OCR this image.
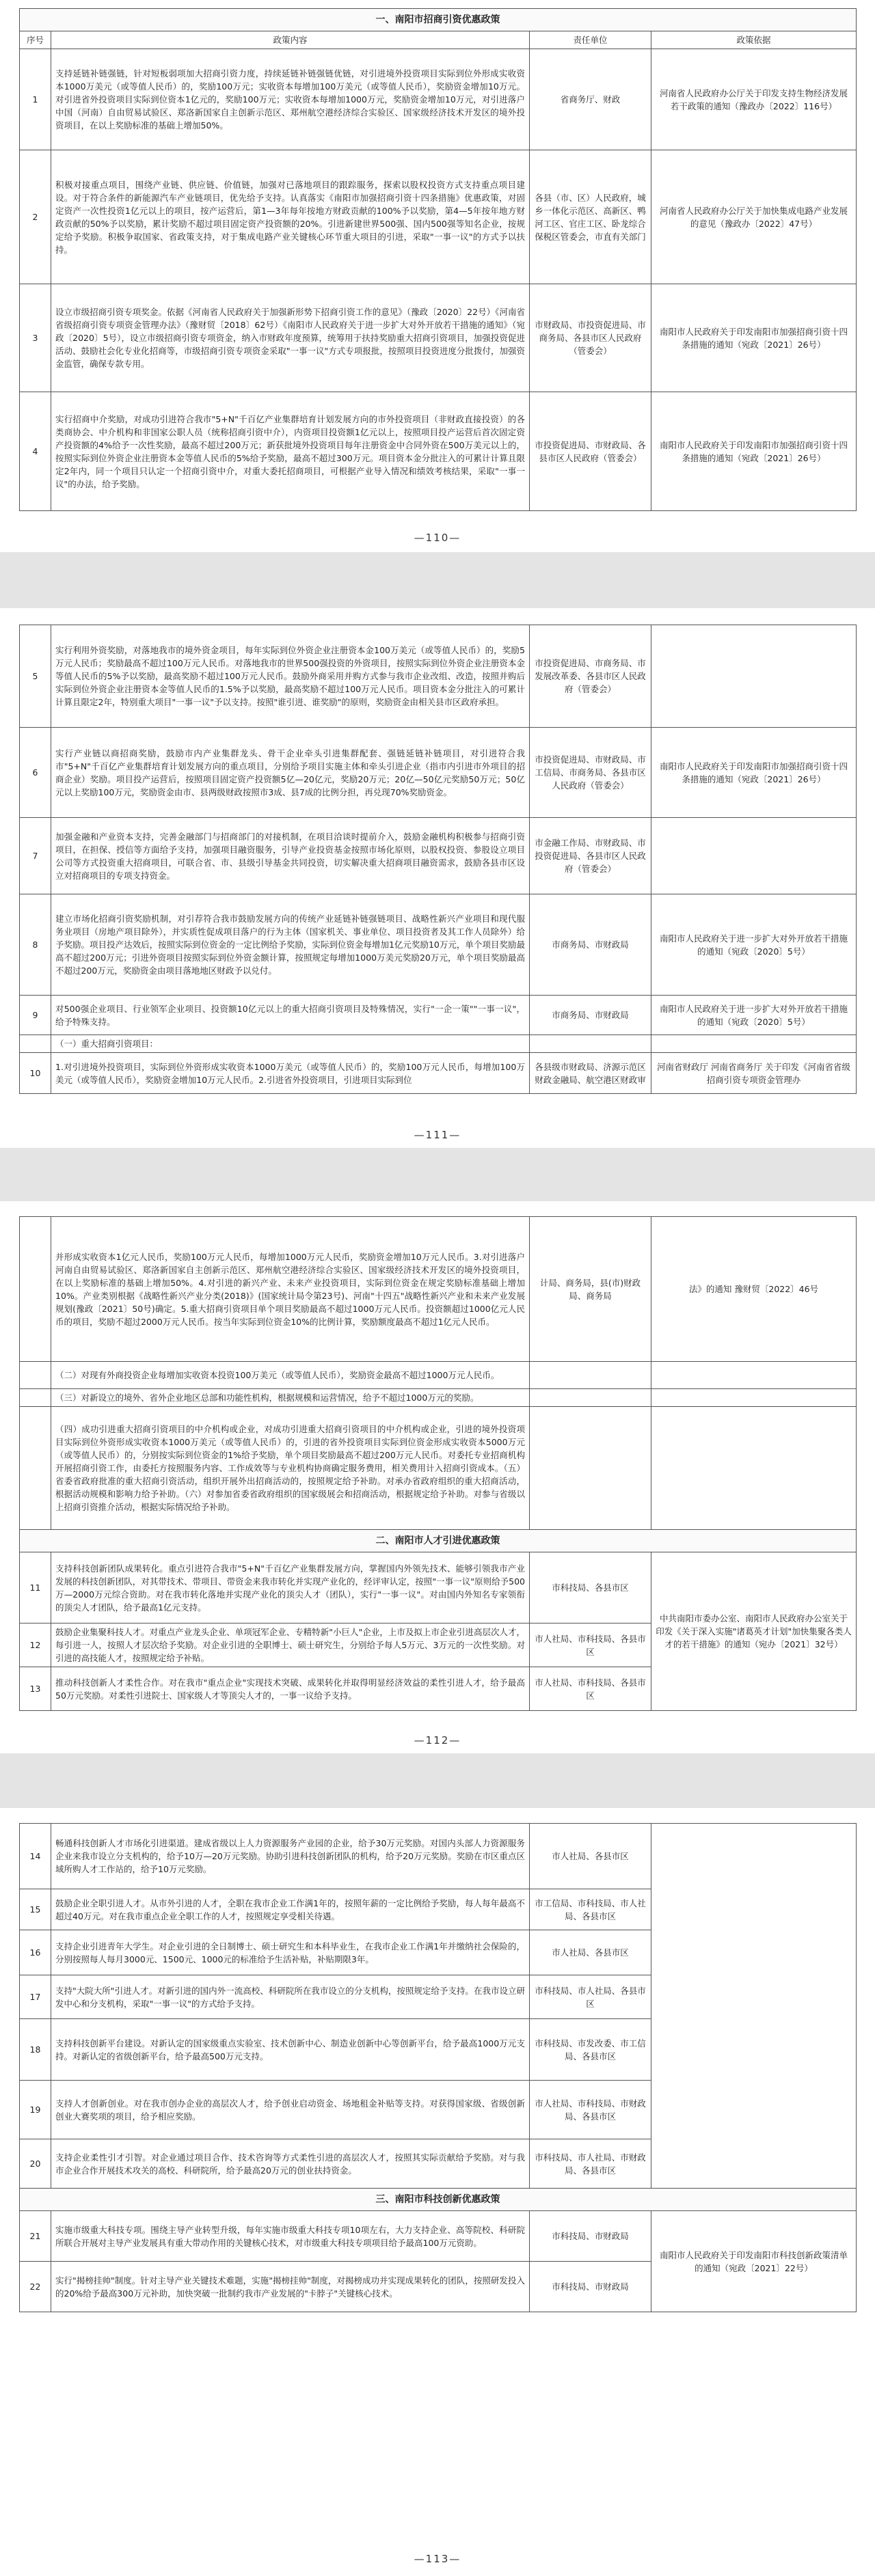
一、南阳市招商引资优惠政策			
序号	政策内容	责任单位	政策依据
1	支持延链补链强链，针对短板弱项加大招商引资力度，持续延链补链强链优链，对引进境外投资项目实际到位外形成实收资本1000万美元（或等值人民币）的，奖励100万元；实收资本每增加100万美元（或等值人民币），奖励资金增加10万元。对引进省外投资项目实际到位资本1亿元的，奖励100万元；实收资本每增加1000万元，奖励资金增加10万元，对引进落户中国（河南）自由贸易试验区、郑洛新国家自主创新示范区、郑州航空港经济综合实验区、国家级经济技术开发区的境外投资项目，在以上奖励标准的基础上增加50%。	省商务厅、财政	河南省人民政府办公厅关于印发支持生物经济发展若干政策的通知（豫政办〔2022〕116号）
2	积极对接重点项目，围绕产业链、供应链、价值链，加强对已落地项目的跟踪服务，探索以股权投资方式支持重点项目建设。对于符合条件的新能源汽车产业链项目，优先给予支持。认真落实《南阳市加强招商引资十四条措施》优惠政策，对固定资产一次性投资1亿元以上的项目，按产运营后，第1—3年每年按地方财政贡献的100%予以奖励，第4—5年按年地方财政贡献的50%予以奖励，累计奖励不超过项目固定资产投资额的20%。引进新建世界500强、国内500强等知名企业，按规定给予奖励。积极争取国家、省政策支持，对于集成电路产业关键核心环节重大项目的引进，采取"一事一议"的方式予以扶持。	各县（市、区）人民政府，城乡一体化示范区、高新区、鸭河工区、官庄工区、卧龙综合保税区管委会，市直有关部门	河南省人民政府办公厅关于加快集成电路产业发展的意见（豫政办〔2022〕47号）
3	设立市级招商引资专项奖金。依据《河南省人民政府关于加强新形势下招商引资工作的意见》（豫政〔2020〕22号）《河南省省级招商引资专项资金管理办法》（豫财贸〔2018〕62号）《南阳市人民政府关于进一步扩大对外开放若干措施的通知》（宛政〔2020〕5号），设立市级招商引资专项资金，纳入市财政年度预算，统筹用于扶持奖励重大招商引资项目，加强投资促进活动、鼓励社会化专业化招商等，市级招商引资专项资金采取"一事一议"方式专项报批，按照项目投资进度分批拨付，加强资金监管，确保专款专用。	市财政局、市投资促进局、市商务局、各县市区人民政府（管委会）	南阳市人民政府关于印发南阳市加强招商引资十四条措施的通知（宛政〔2021〕26号）
4	实行招商中介奖励，对成功引进符合我市"5+N"千百亿产业集群培育计划发展方向的市外投资项目（非财政直接投资）的各类商协会、中介机构和非国家公职人员（统称招商引资中介），内资项目投资额1亿元以上，按照项目投产运营后首次固定资产投资额的4%给予一次性奖励，最高不超过200万元；新获批境外投资项目每年注册资金中合同外资在500万美元以上的，按照实际到位外资企业注册资本金等值人民币的5%给予奖励，最高不超过300万元。项目资本金分批注入的可累计计算且限定2年内，同一个项目只认定一个招商引资中介，对重大委托招商项目，可根据产业导入情况和绩效考核结果，采取"一事一议"的办法，给予奖励。	市投资促进局、市财政局、各县市区人民政府（管委会）	南阳市人民政府关于印发南阳市加强招商引资十四条措施的通知（宛政〔2021〕26号）
—110—
5	实行利用外资奖励，对落地我市的境外资金项目，每年实际到位外资企业注册资本金100万美元（或等值人民币）的，奖励5万元人民币；奖励最高不超过100万元人民币。对落地我市的世界500强投资的外资项目，按照实际到位外资企业注册资本金等值人民币的5%予以奖励，最高奖励不超过100万元人民币。鼓励外商采用并购方式参与我市企业改组、改造，按照并购后实际到位外资企业注册资本金等值人民币的1.5%予以奖励，最高奖励不超过100万元人民币。项目资本金分批注入的可累计计算且限定2年，特别重大项目"一事一议"予以支持。按照"谁引进、谁奖励"的原则，奖励资金由相关县市区政府承担。	市投资促进局、市商务局、市发展改革委、各县市区人民政府（管委会）	
6	实行产业链以商招商奖励，鼓励市内产业集群龙头、骨干企业牵头引进集群配套、强链延链补链项目，对引进符合我市"5+N"千百亿产业集群培育计划发展方向的重点项目，分别给予项目实施主体和牵头引进企业（指市内引进市外项目的招商企业）奖励。项目投产运营后，按照项目固定资产投资额5亿—20亿元，奖励20万元；20亿—50亿元奖励50万元；50亿元以上奖励100万元，奖励资金由市、县两级财政按照市3成、县7成的比例分担，再兑现70%奖励资金。	市投资促进局、市财政局、市工信局、市商务局、各县市区人民政府（管委会）	南阳市人民政府关于印发南阳市加强招商引资十四条措施的通知（宛政〔2021〕26号）
7	加强金融和产业资本支持，完善金融部门与招商部门的对接机制，在项目洽谈时提前介入，鼓励金融机构积极参与招商引资项目，在担保、授信等方面给予支持，加强项目融资服务，引导产业投资基金按照市场化原则，以股权投资、参股设立项目公司等方式投资重大招商项目，可联合省、市、县级引导基金共同投资，切实解决重大招商项目融资需求，鼓励各县市区设立对招商项目的专项支持资金。	市金融工作局、市财政局、市投资促进局、各县市区人民政府（管委会）	
8	建立市场化招商引资奖励机制，对引荐符合我市鼓励发展方向的传统产业延链补链强链项目、战略性新兴产业项目和现代服务业项目（房地产项目除外），并实质性促成项目落户的行为主体（国家机关、事业单位、项目投资者及其工作人员除外）给予奖励。项目投产达效后，按照实际到位资金的一定比例给予奖励，实际到位资金每增加1亿元奖励10万元，单个项目奖励最高不超过200万元；引进外资项目按照实际到位外资金额计算，按照规定每增加1000万美元奖励20万元，单个项目奖励最高不超过200万元，奖励资金由项目落地地区财政予以兑付。	市商务局、市财政局	南阳市人民政府关于进一步扩大对外开放若干措施的通知（宛政〔2020〕5号）
9	对500强企业项目、行业领军企业项目、投资额10亿元以上的重大招商引资项目及特殊情况，实行"一企一策""一事一议"，给予特殊支持。	市商务局、市财政局	南阳市人民政府关于进一步扩大对外开放若干措施的通知（宛政〔2020〕5号）
	（一）重大招商引资项目：		
10	1.对引进境外投资项目，实际到位外资形成实收资本1000万美元（或等值人民币）的，奖励100万元人民币，每增加100万美元（或等值人民币），奖励资金增加10万元人民币。2.引进省外投资项目，引进项目实际到位	各县级市财政局、济源示范区财政金融局、航空港区财政审	河南省财政厅 河南省商务厅 关于印发《河南省省级招商引资专项资金管理办
—111—
	并形成实收资本1亿元人民币，奖励100万元人民币，每增加1000万元人民币，奖励资金增加10万元人民币。3.对引进落户河南自由贸易试验区、郑洛新国家自主创新示范区、郑州航空港经济综合实验区、国家级经济技术开发区的境外投资项目，在以上奖励标准的基础上增加50%。4.对引进的新兴产业、未来产业投资项目，实际到位资金在规定奖励标准基础上增加10%。产业类别根据《战略性新兴产业分类(2018)》(国家统计局令第23号)、河南"十四五"战略性新兴产业和未来产业发展规划(豫政〔2021〕50号)确定。5.重大招商引资项目单个项目奖励最高不超过1000万元人民币。投资额超过1000亿元人民币的项目，奖励不超过2000万元人民币。按当年实际到位资金10%的比例计算，奖励额度最高不超过1亿元人民币。	计局、商务局，县(市)财政局、商务局	法》的通知 豫财贸〔2022〕46号
	（二）对现有外商投资企业每增加实收资本投资100万美元（或等值人民币），奖励资金最高不超过1000万元人民币。		
	（三）对新设立的境外、省外企业地区总部和功能性机构，根据规模和运营情况，给予不超过1000万元的奖励。		
	（四）成功引进重大招商引资项目的中介机构或企业，对成功引进重大招商引资项目的中介机构或企业，引进的境外投资项目实际到位外资形成实收资本1000万美元（或等值人民币）的，引进的省外投资项目实际到位资金形成实收资本5000万元（或等值人民币）的，分别按实际到位资金的1%给予奖励，单个项目奖励最高不超过200万元人民币。对委托专业招商机构开展招商引资工作，由委托方按照服务内容、工作成效等与专业机构协商确定服务费用，相关费用计入招商引资成本。（五）省委省政府批准的重大招商引资活动，组织开展外出招商活动的，按照规定给予补助。对承办省政府组织的重大招商活动，根据活动规模和影响力给予补助。（六）对参加省委省政府组织的国家级展会和招商活动，根据规定给予补助。对参与省级以上招商引资推介活动，根据实际情况给予补助。		
二、南阳市人才引进优惠政策			
11	支持科技创新团队成果转化。重点引进符合我市"5+N"千百亿产业集群发展方向，掌握国内外领先技术、能够引领我市产业发展的科技创新团队，对其带技术、带项目、带资金来我市转化并实现产业化的，经评审认定，按照"一事一议"原则给予500万—2000万元综合资助。对在我市转化落地并实现产业化的顶尖人才（团队），实行"一事一议"。对由国内外知名专家领衔的顶尖人才团队，给予最高1亿元支持。	市科技局、各县市区	中共南阳市委办公室、南阳市人民政府办公室关于印发《关于深入实施"诸葛英才计划"加快集聚各类人才的若干措施》的通知（宛办〔2021〕32号）
12	鼓励企业集聚科技人才。对重点产业龙头企业、单项冠军企业、专精特新"小巨人"企业，上市及拟上市企业引进高层次人才，每引进一人，按照人才层次给予奖励。对企业引进的全职博士、硕士研究生，分别给予每人5万元、3万元的一次性奖励。对引进的高技能人才，按照规定给予补贴。	市人社局、市科技局、各县市区	
13	推动科技创新人才柔性合作。对在我市"重点企业"实现技术突破、成果转化并取得明显经济效益的柔性引进人才，给予最高50万元奖励。对柔性引进院士、国家级人才等顶尖人才的，一事一议给予支持。	市人社局、市科技局、各县市区	
—112—
14	畅通科技创新人才市场化引进渠道。建成省级以上人力资源服务产业园的企业，给予30万元奖励。对国内头部人力资源服务企业来我市设立分支机构的，给予10万—20万元奖励。协助引进科技创新团队的机构，给予20万元奖励。奖励在市区重点区域所购人才工作站的，给予10万元奖励。	市人社局、各县市区	
15	鼓励企业全职引进人才。从市外引进的人才，全职在我市企业工作满1年的，按照年薪的一定比例给予奖励，每人每年最高不超过40万元。对在我市重点企业全职工作的人才，按照规定享受相关待遇。	市工信局、市科技局、市人社局、各县市区	
16	支持企业引进青年大学生。对企业引进的全日制博士、硕士研究生和本科毕业生，在我市企业工作满1年并缴纳社会保险的，分别按照每人每月3000元、1500元、1000元的标准给予生活补贴，补贴期限3年。	市人社局、各县市区	
17	支持"大院大所"引进人才。对新引进的国内外一流高校、科研院所在我市设立的分支机构，按照规定给予支持。在我市设立研发中心和分支机构，采取"一事一议"的方式给予支持。	市科技局、市人社局、各县市区	
18	支持科技创新平台建设。对新认定的国家级重点实验室、技术创新中心、制造业创新中心等创新平台，给予最高1000万元支持。对新认定的省级创新平台，给予最高500万元支持。	市科技局、市发改委、市工信局、各县市区	
19	支持人才创新创业。对在我市创办企业的高层次人才，给予创业启动资金、场地租金补贴等支持。对获得国家级、省级创新创业大赛奖项的项目，给予相应奖励。	市人社局、市科技局、市财政局、各县市区	
20	支持企业柔性引才引智。对企业通过项目合作、技术咨询等方式柔性引进的高层次人才，按照其实际贡献给予奖励。对与我市企业合作开展技术攻关的高校、科研院所，给予最高20万元的创业扶持资金。	市科技局、市人社局、市财政局、各县市区	
三、南阳市科技创新优惠政策			
21	实施市级重大科技专项。围绕主导产业转型升级，每年实施市级重大科技专项10项左右，大力支持企业、高等院校、科研院所联合开展对主导产业发展具有重大带动作用的关键核心技术，对市级重大科技专项项目给予最高100万元资助。	市科技局、市财政局	南阳市人民政府关于印发南阳市科技创新政策清单的通知（宛政〔2021〕22号）
22	实行"揭榜挂帅"制度。针对主导产业关键技术难题，实施"揭榜挂帅"制度，对揭榜成功并实现成果转化的团队，按照研发投入的20%给予最高300万元补助，加快突破一批制约我市产业发展的"卡脖子"关键核心技术。	市科技局、市财政局	
—113—
